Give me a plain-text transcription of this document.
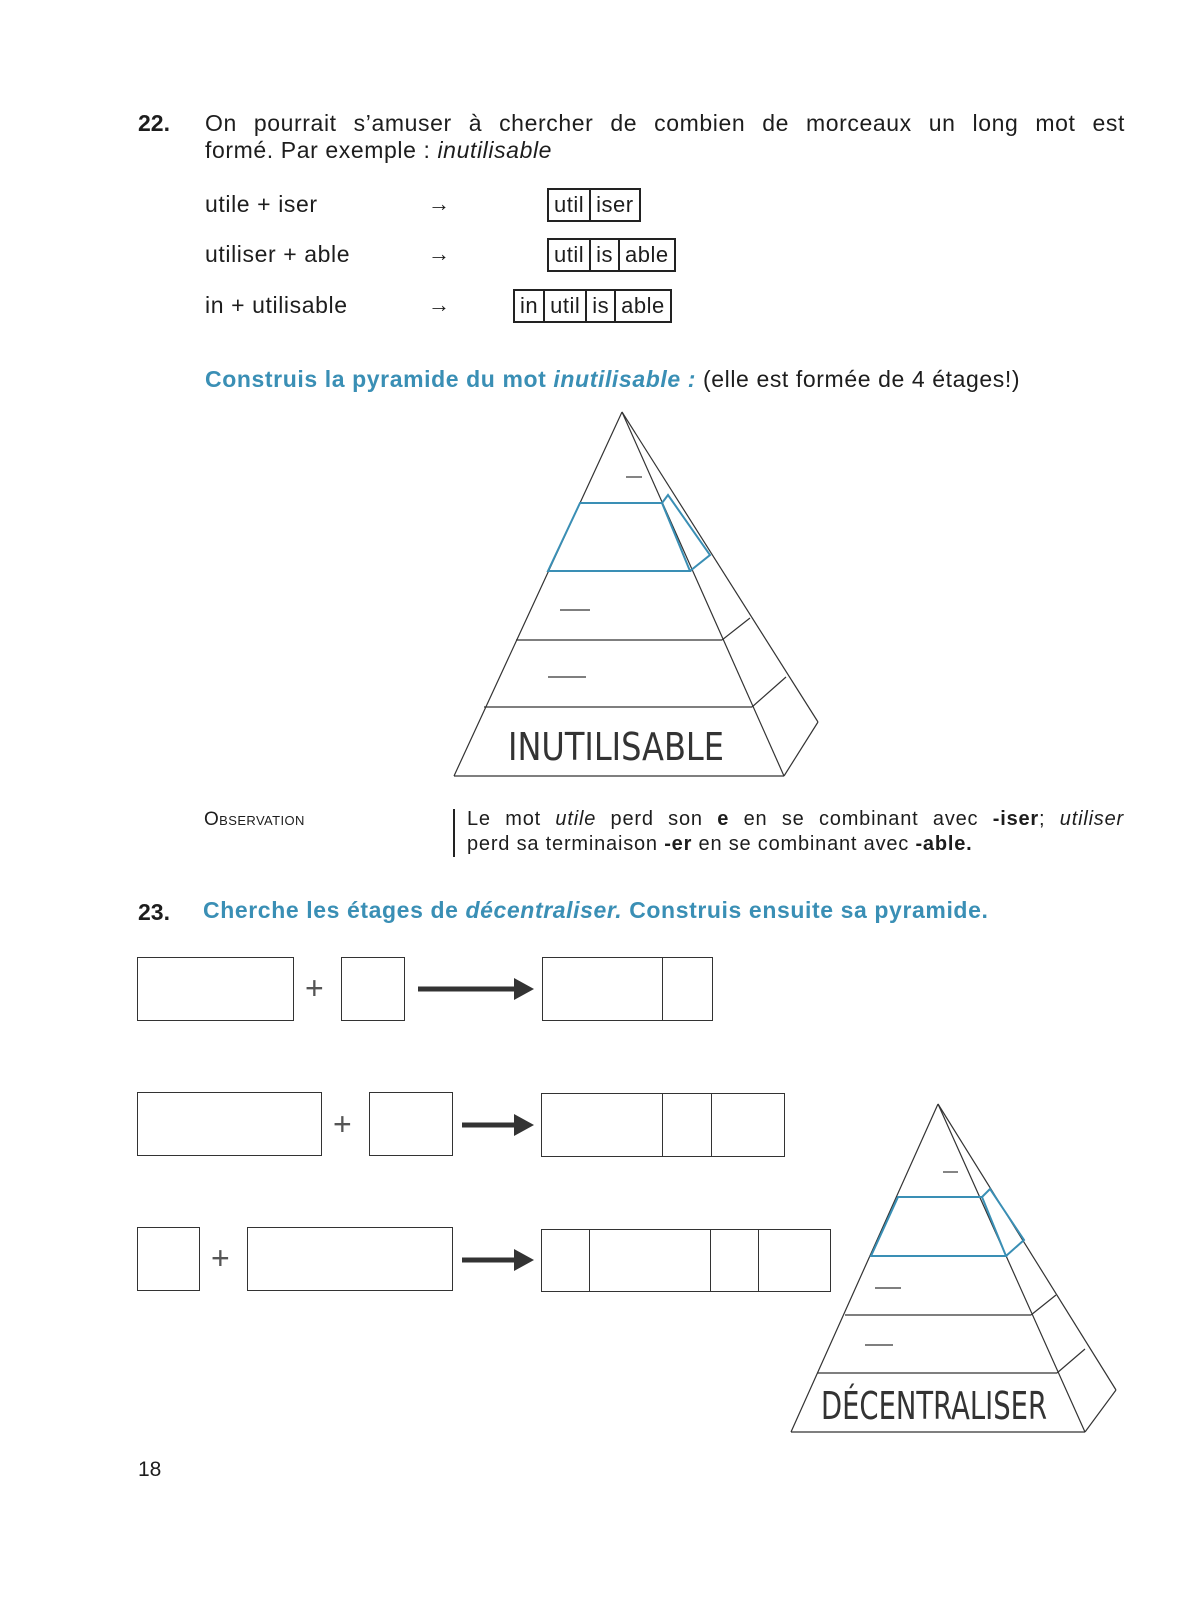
22. On pourrait s’amuser à chercher de combien de morceaux un long mot est
formé. Par exemple : inutilisable
utile + iser	→	util iser
utiliser + able	→	util is able
in + utilisable	→	in util is able
Construis la pyramide du mot inutilisable : (elle est formée de 4 étages!)
INUTILISABLE
Observation	Le mot utile perd son e en se combinant avec -iser; utiliser
perd sa terminaison -er en se combinant avec -able.
23. Cherche les étages de décentraliser. Construis ensuite sa pyramide.
+
+
+
DÉCENTRALISER
18
